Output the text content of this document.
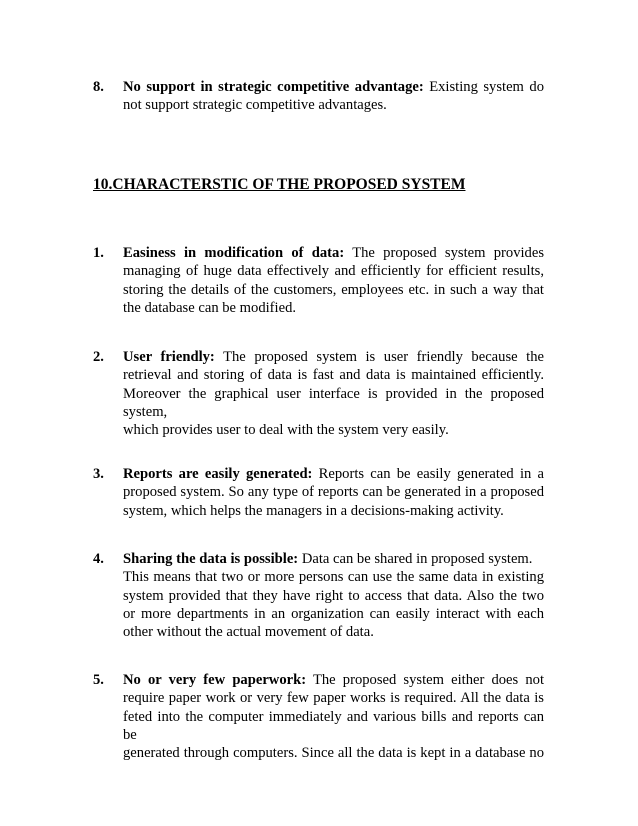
8. No support in strategic competitive advantage: Existing system do
not support strategic competitive advantages.
10.CHARACTERSTIC OF THE PROPOSED SYSTEM
1. Easiness in modification of data: The proposed system provides
managing of huge data effectively and efficiently for efficient results,
storing the details of the customers, employees etc. in such a way that
the database can be modified.
2. User friendly: The proposed system is user friendly because the
retrieval and storing of data is fast and data is maintained efficiently.
Moreover the graphical user interface is provided in the proposed
system,
which provides user to deal with the system very easily.
3. Reports are easily generated: Reports can be easily generated in a
proposed system. So any type of reports can be generated in a proposed
system, which helps the managers in a decisions-making activity.
4. Sharing the data is possible: Data can be shared in proposed system.
This means that two or more persons can use the same data in existing
system provided that they have right to access that data. Also the two
or more departments in an organization can easily interact with each
other without the actual movement of data.
5. No or very few paperwork: The proposed system either does not
require paper work or very few paper works is required. All the data is
feted into the computer immediately and various bills and reports can be
generated through computers. Since all the data is kept in a database no
